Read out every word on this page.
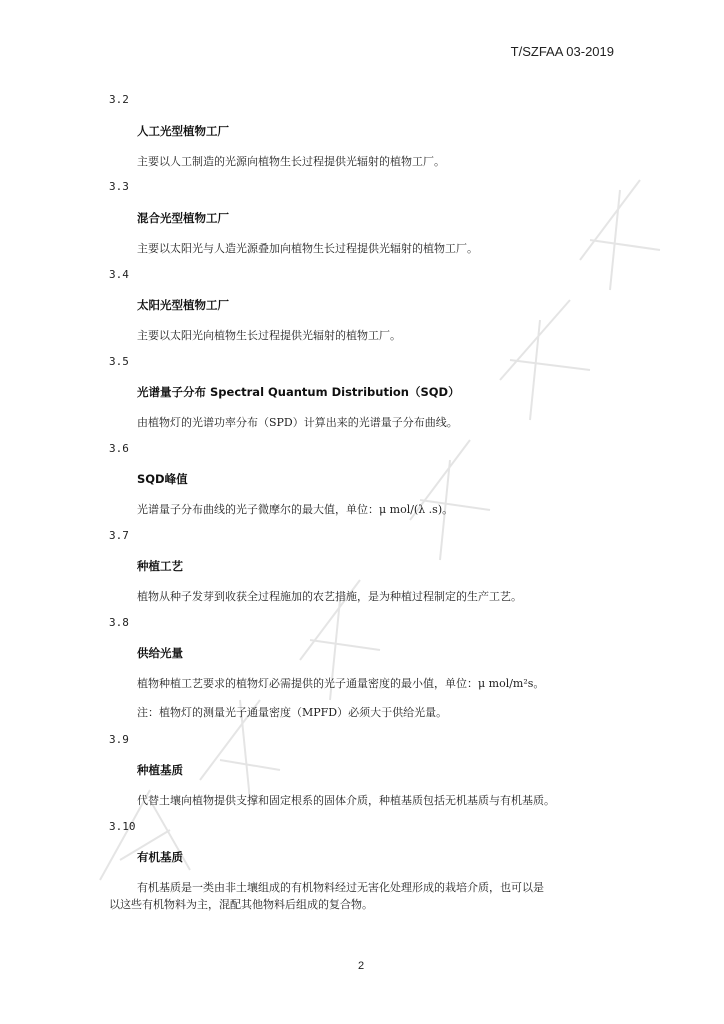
T/SZFAA 03-2019
3.2
人工光型植物工厂
主要以人工制造的光源向植物生长过程提供光辐射的植物工厂。
3.3
混合光型植物工厂
主要以太阳光与人造光源叠加向植物生长过程提供光辐射的植物工厂。
3.4
太阳光型植物工厂
主要以太阳光向植物生长过程提供光辐射的植物工厂。
3.5
光谱量子分布 Spectral Quantum Distribution（SQD）
由植物灯的光谱功率分布（SPD）计算出来的光谱量子分布曲线。
3.6
SQD峰值
光谱量子分布曲线的光子微摩尔的最大值，单位：μ mol/(λ .s)。
3.7
种植工艺
植物从种子发芽到收获全过程施加的农艺措施，是为种植过程制定的生产工艺。
3.8
供给光量
植物种植工艺要求的植物灯必需提供的光子通量密度的最小值，单位：μ mol/m²s。
注：植物灯的测量光子通量密度（MPFD）必须大于供给光量。
3.9
种植基质
代替土壤向植物提供支撑和固定根系的固体介质，种植基质包括无机基质与有机基质。
3.10
有机基质
有机基质是一类由非土壤组成的有机物料经过无害化处理形成的栽培介质，也可以是
以这些有机物料为主，混配其他物料后组成的复合物。
2
